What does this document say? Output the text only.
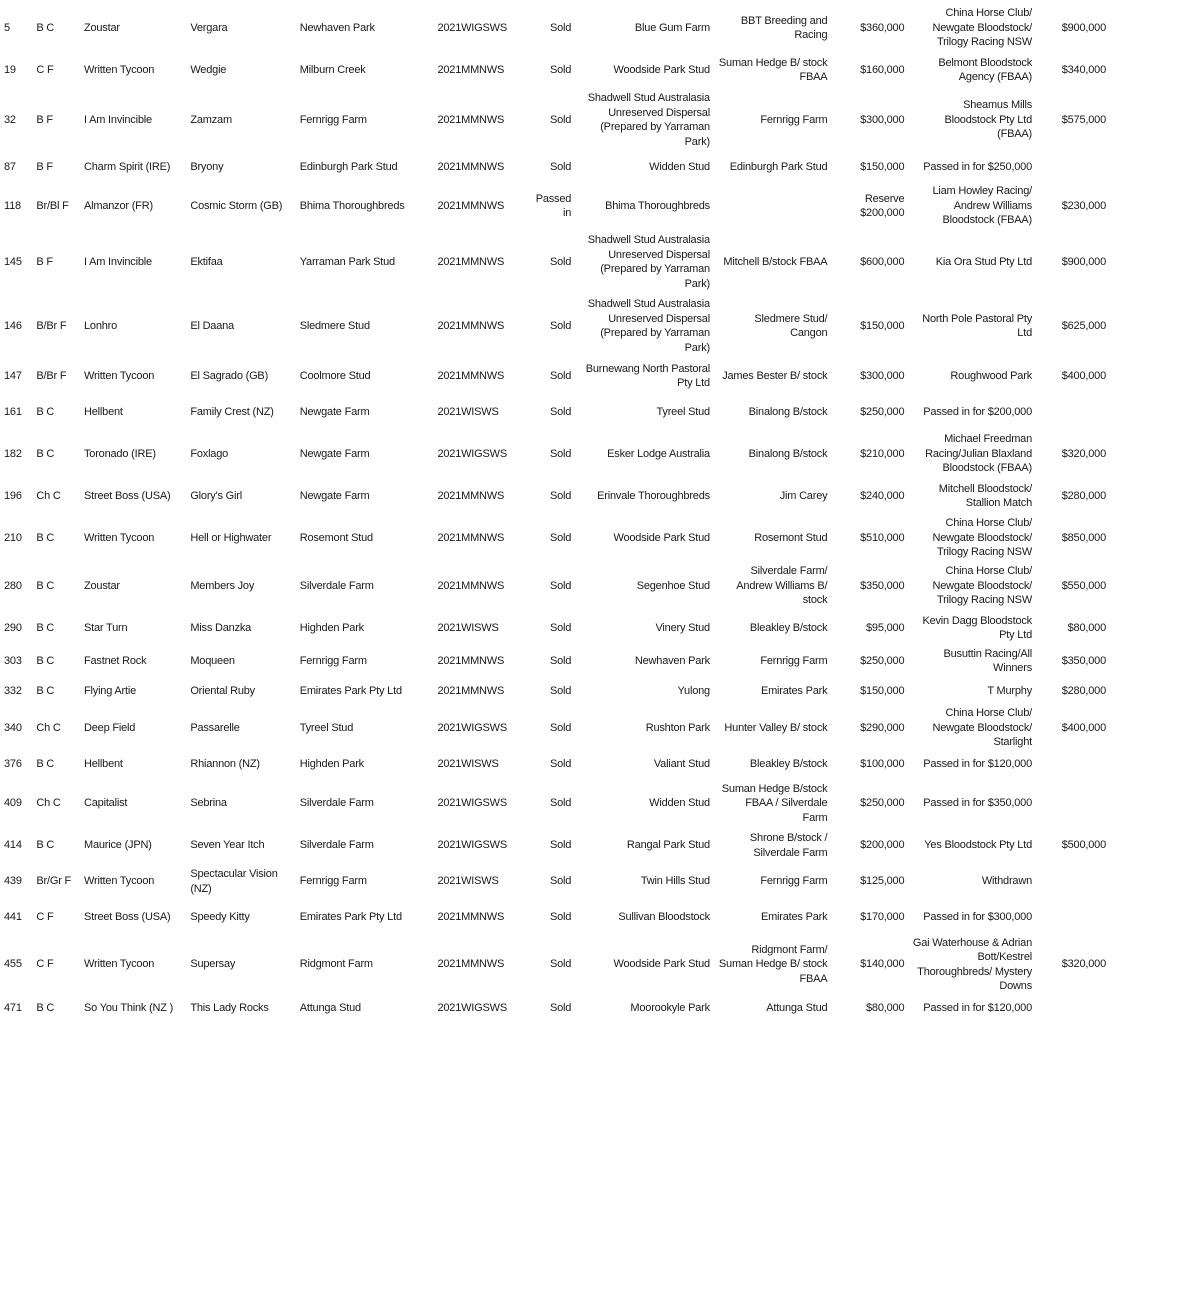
5	B C	Zoustar	Vergara	Newhaven Park	2021WIGSWS	Sold	Blue Gum Farm	BBT Breeding and Racing	$360,000	China Horse Club/ Newgate Bloodstock/ Trilogy Racing NSW	$900,000
19	C F	Written Tycoon	Wedgie	Milburn Creek	2021MMNWS	Sold	Woodside Park Stud	Suman Hedge B/ stock FBAA	$160,000	Belmont Bloodstock Agency (FBAA)	$340,000
32	B F	I Am Invincible	Zamzam	Fernrigg Farm	2021MMNWS	Sold	Shadwell Stud Australasia Unreserved Dispersal (Prepared by Yarraman Park)	Fernrigg Farm	$300,000	Sheamus Mills Bloodstock Pty Ltd (FBAA)	$575,000
87	B F	Charm Spirit (IRE)	Bryony	Edinburgh Park Stud	2021MMNWS	Sold	Widden Stud	Edinburgh Park Stud	$150,000	Passed in for $250,000	
118	Br/Bl F	Almanzor (FR)	Cosmic Storm (GB)	Bhima Thoroughbreds	2021MMNWS	Passed in	Bhima Thoroughbreds		Reserve $200,000	Liam Howley Racing/ Andrew Williams Bloodstock (FBAA)	$230,000
145	B F	I Am Invincible	Ektifaa	Yarraman Park Stud	2021MMNWS	Sold	Shadwell Stud Australasia Unreserved Dispersal (Prepared by Yarraman Park)	Mitchell B/stock FBAA	$600,000	Kia Ora Stud Pty Ltd	$900,000
146	B/Br F	Lonhro	El Daana	Sledmere Stud	2021MMNWS	Sold	Shadwell Stud Australasia Unreserved Dispersal (Prepared by Yarraman Park)	Sledmere Stud/ Cangon	$150,000	North Pole Pastoral Pty Ltd	$625,000
147	B/Br F	Written Tycoon	El Sagrado (GB)	Coolmore Stud	2021MMNWS	Sold	Burnewang North Pastoral Pty Ltd	James Bester B/ stock	$300,000	Roughwood Park	$400,000
161	B C	Hellbent	Family Crest (NZ)	Newgate Farm	2021WISWS	Sold	Tyreel Stud	Binalong B/stock	$250,000	Passed in for $200,000	
182	B C	Toronado (IRE)	Foxlago	Newgate Farm	2021WIGSWS	Sold	Esker Lodge Australia	Binalong B/stock	$210,000	Michael Freedman Racing/Julian Blaxland Bloodstock (FBAA)	$320,000
196	Ch C	Street Boss (USA)	Glory's Girl	Newgate Farm	2021MMNWS	Sold	Erinvale Thoroughbreds	Jim Carey	$240,000	Mitchell Bloodstock/ Stallion Match	$280,000
210	B C	Written Tycoon	Hell or Highwater	Rosemont Stud	2021MMNWS	Sold	Woodside Park Stud	Rosemont Stud	$510,000	China Horse Club/ Newgate Bloodstock/ Trilogy Racing NSW	$850,000
280	B C	Zoustar	Members Joy	Silverdale Farm	2021MMNWS	Sold	Segenhoe Stud	Silverdale Farm/ Andrew Williams B/ stock	$350,000	China Horse Club/ Newgate Bloodstock/ Trilogy Racing NSW	$550,000
290	B C	Star Turn	Miss Danzka	Highden Park	2021WISWS	Sold	Vinery Stud	Bleakley B/stock	$95,000	Kevin Dagg Bloodstock Pty Ltd	$80,000
303	B C	Fastnet Rock	Moqueen	Fernrigg Farm	2021MMNWS	Sold	Newhaven Park	Fernrigg Farm	$250,000	Busuttin Racing/All Winners	$350,000
332	B C	Flying Artie	Oriental Ruby	Emirates Park Pty Ltd	2021MMNWS	Sold	Yulong	Emirates Park	$150,000	T Murphy	$280,000
340	Ch C	Deep Field	Passarelle	Tyreel Stud	2021WIGSWS	Sold	Rushton Park	Hunter Valley B/ stock	$290,000	China Horse Club/ Newgate Bloodstock/ Starlight	$400,000
376	B C	Hellbent	Rhiannon (NZ)	Highden Park	2021WISWS	Sold	Valiant Stud	Bleakley B/stock	$100,000	Passed in for $120,000	
409	Ch C	Capitalist	Sebrina	Silverdale Farm	2021WIGSWS	Sold	Widden Stud	Suman Hedge B/stock FBAA / Silverdale Farm	$250,000	Passed in for $350,000	
414	B C	Maurice (JPN)	Seven Year Itch	Silverdale Farm	2021WIGSWS	Sold	Rangal Park Stud	Shrone B/stock / Silverdale Farm	$200,000	Yes Bloodstock Pty Ltd	$500,000
439	Br/Gr F	Written Tycoon	Spectacular Vision (NZ)	Fernrigg Farm	2021WISWS	Sold	Twin Hills Stud	Fernrigg Farm	$125,000	Withdrawn	
441	C F	Street Boss (USA)	Speedy Kitty	Emirates Park Pty Ltd	2021MMNWS	Sold	Sullivan Bloodstock	Emirates Park	$170,000	Passed in for $300,000	
455	C F	Written Tycoon	Supersay	Ridgmont Farm	2021MMNWS	Sold	Woodside Park Stud	Ridgmont Farm/ Suman Hedge B/ stock FBAA	$140,000	Gai Waterhouse & Adrian Bott/Kestrel Thoroughbreds/ Mystery Downs	$320,000
471	B C	So You Think (NZ )	This Lady Rocks	Attunga Stud	2021WIGSWS	Sold	Moorookyle Park	Attunga Stud	$80,000	Passed in for $120,000	
